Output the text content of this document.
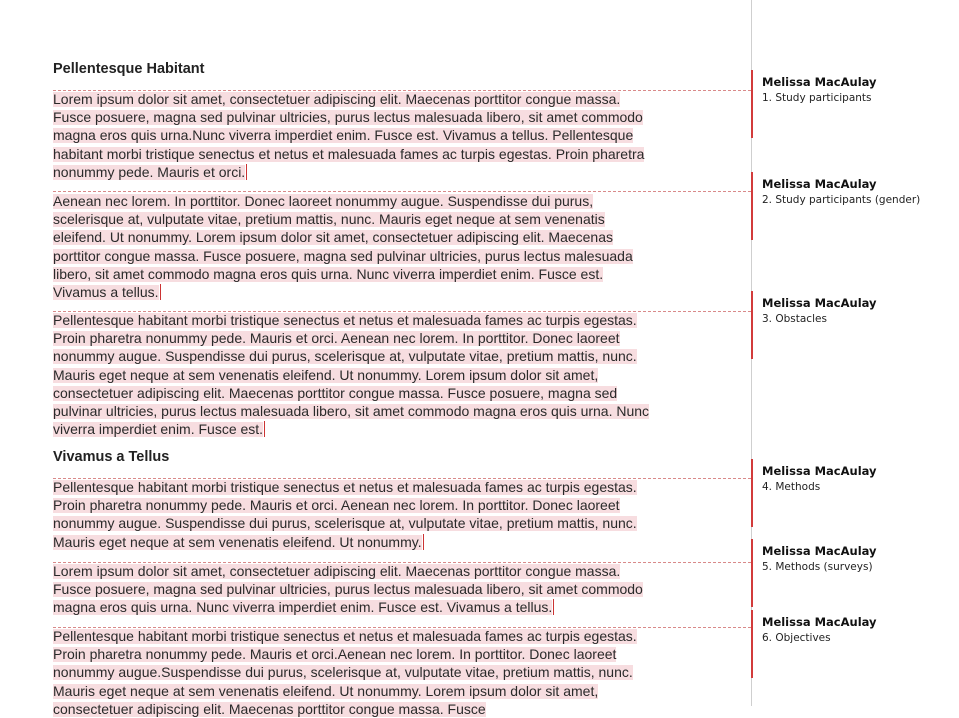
Pellentesque Habitant
Lorem ipsum dolor sit amet, consectetuer adipiscing elit. Maecenas porttitor congue massa. Fusce posuere, magna sed pulvinar ultricies, purus lectus malesuada libero, sit amet commodo magna eros quis urna.Nunc viverra imperdiet enim. Fusce est. Vivamus a tellus. Pellentesque habitant morbi tristique senectus et netus et malesuada fames ac turpis egestas. Proin pharetra nonummy pede. Mauris et orci.
Aenean nec lorem. In porttitor. Donec laoreet nonummy augue. Suspendisse dui purus, scelerisque at, vulputate vitae, pretium mattis, nunc. Mauris eget neque at sem venenatis eleifend. Ut nonummy. Lorem ipsum dolor sit amet, consectetuer adipiscing elit. Maecenas porttitor congue massa. Fusce posuere, magna sed pulvinar ultricies, purus lectus malesuada libero, sit amet commodo magna eros quis urna. Nunc viverra imperdiet enim. Fusce est. Vivamus a tellus.
Pellentesque habitant morbi tristique senectus et netus et malesuada fames ac turpis egestas. Proin pharetra nonummy pede. Mauris et orci. Aenean nec lorem. In porttitor. Donec laoreet nonummy augue. Suspendisse dui purus, scelerisque at, vulputate vitae, pretium mattis, nunc. Mauris eget neque at sem venenatis eleifend. Ut nonummy. Lorem ipsum dolor sit amet, consectetuer adipiscing elit. Maecenas porttitor congue massa. Fusce posuere, magna sed pulvinar ultricies, purus lectus malesuada libero, sit amet commodo magna eros quis urna. Nunc viverra imperdiet enim. Fusce est.
Vivamus a Tellus
Pellentesque habitant morbi tristique senectus et netus et malesuada fames ac turpis egestas. Proin pharetra nonummy pede. Mauris et orci. Aenean nec lorem. In porttitor. Donec laoreet nonummy augue. Suspendisse dui purus, scelerisque at, vulputate vitae, pretium mattis, nunc. Mauris eget neque at sem venenatis eleifend. Ut nonummy.
Lorem ipsum dolor sit amet, consectetuer adipiscing elit. Maecenas porttitor congue massa. Fusce posuere, magna sed pulvinar ultricies, purus lectus malesuada libero, sit amet commodo magna eros quis urna. Nunc viverra imperdiet enim. Fusce est. Vivamus a tellus.
Pellentesque habitant morbi tristique senectus et netus et malesuada fames ac turpis egestas. Proin pharetra nonummy pede. Mauris et orci.Aenean nec lorem. In porttitor. Donec laoreet nonummy augue.Suspendisse dui purus, scelerisque at, vulputate vitae, pretium mattis, nunc. Mauris eget neque at sem venenatis eleifend. Ut nonummy. Lorem ipsum dolor sit amet, consectetuer adipiscing elit. Maecenas porttitor congue massa. Fusce
Melissa MacAulay
1. Study participants
Melissa MacAulay
2. Study participants (gender)
Melissa MacAulay
3. Obstacles
Melissa MacAulay
4. Methods
Melissa MacAulay
5. Methods (surveys)
Melissa MacAulay
6. Objectives
